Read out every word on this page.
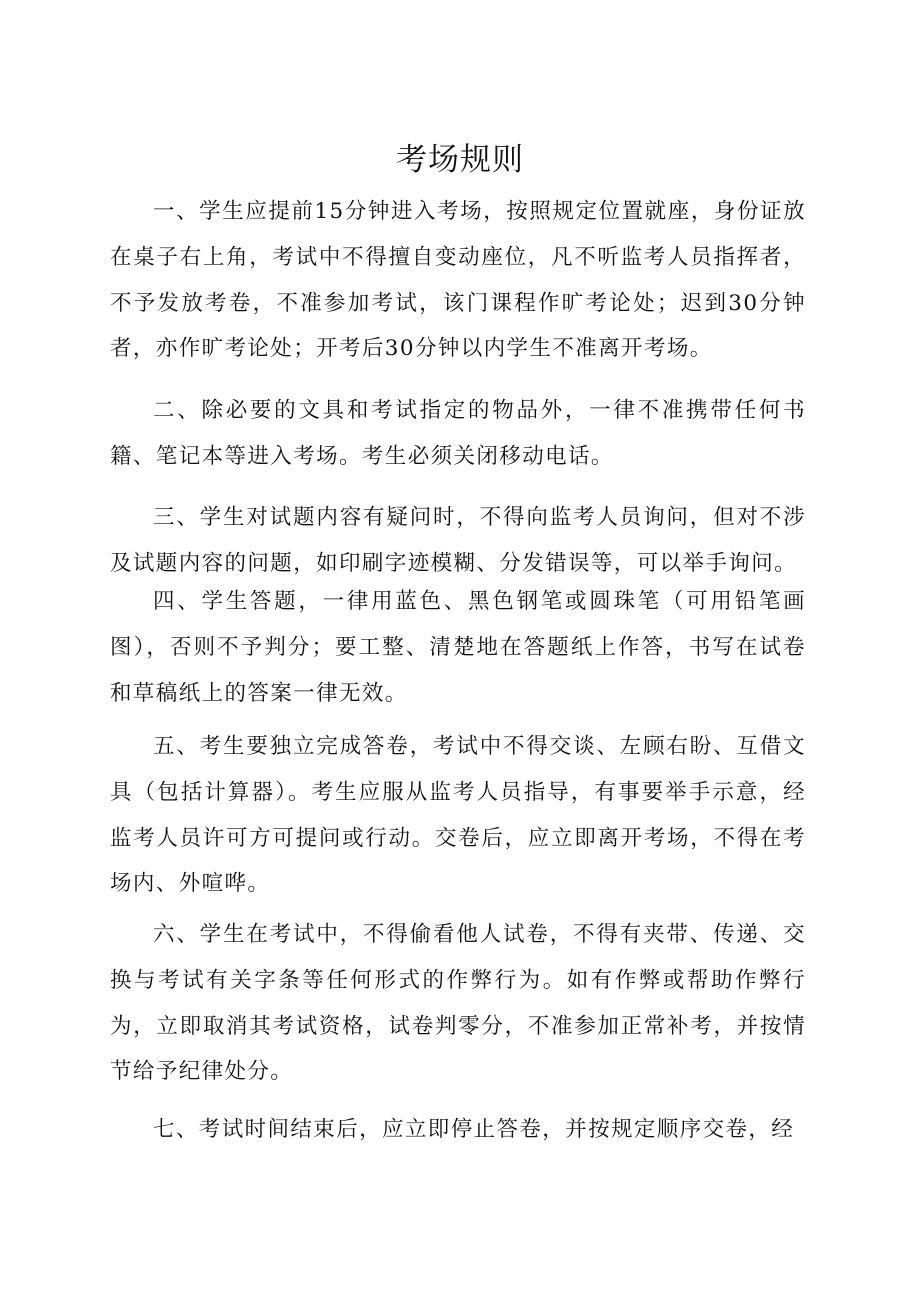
考场规则

一、学生应提前15分钟进入考场，按照规定位置就座，身份证放在桌子右上角，考试中不得擅自变动座位，凡不听监考人员指挥者，不予发放考卷，不准参加考试，该门课程作旷考论处；迟到30分钟者，亦作旷考论处；开考后30分钟以内学生不准离开考场。

二、除必要的文具和考试指定的物品外，一律不准携带任何书籍、笔记本等进入考场。考生必须关闭移动电话。

三、学生对试题内容有疑问时，不得向监考人员询问，但对不涉及试题内容的问题，如印刷字迹模糊、分发错误等，可以举手询问。

四、学生答题，一律用蓝色、黑色钢笔或圆珠笔（可用铅笔画图），否则不予判分；要工整、清楚地在答题纸上作答，书写在试卷和草稿纸上的答案一律无效。

五、考生要独立完成答卷，考试中不得交谈、左顾右盼、互借文具（包括计算器）。考生应服从监考人员指导，有事要举手示意，经监考人员许可方可提问或行动。交卷后，应立即离开考场，不得在考场内、外喧哗。

六、学生在考试中，不得偷看他人试卷，不得有夹带、传递、交换与考试有关字条等任何形式的作弊行为。如有作弊或帮助作弊行为，立即取消其考试资格，试卷判零分，不准参加正常补考，并按情节给予纪律处分。

七、考试时间结束后，应立即停止答卷，并按规定顺序交卷，经
